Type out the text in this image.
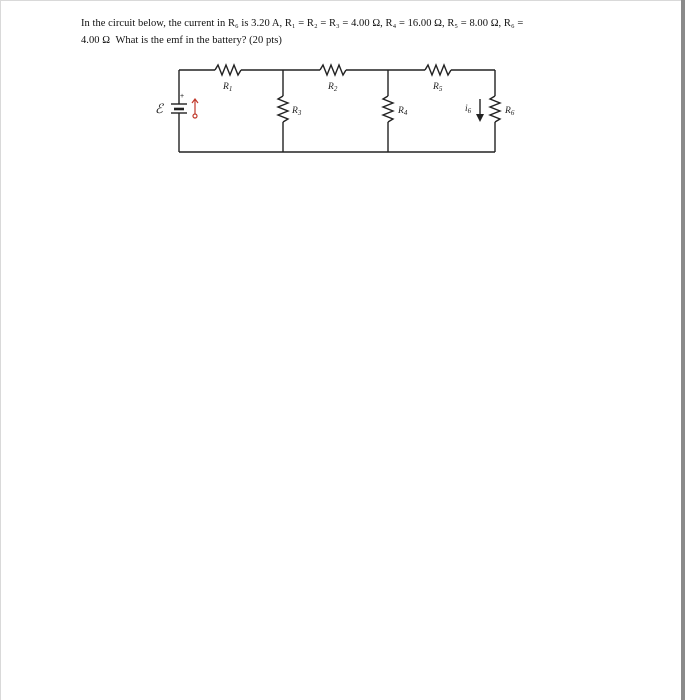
In the circuit below, the current in R₆ is 3.20 A, R₁ = R₂ = R₃ = 4.00 Ω, R₄ = 16.00 Ω, R₅ = 8.00 Ω, R₆ =
4.00 Ω  What is the emf in the battery? (20 pts)
ℰ
+
$R_1$	$R_2$	$R_5$
$R_3$	$R_4$	$R_6$
$i_6$
